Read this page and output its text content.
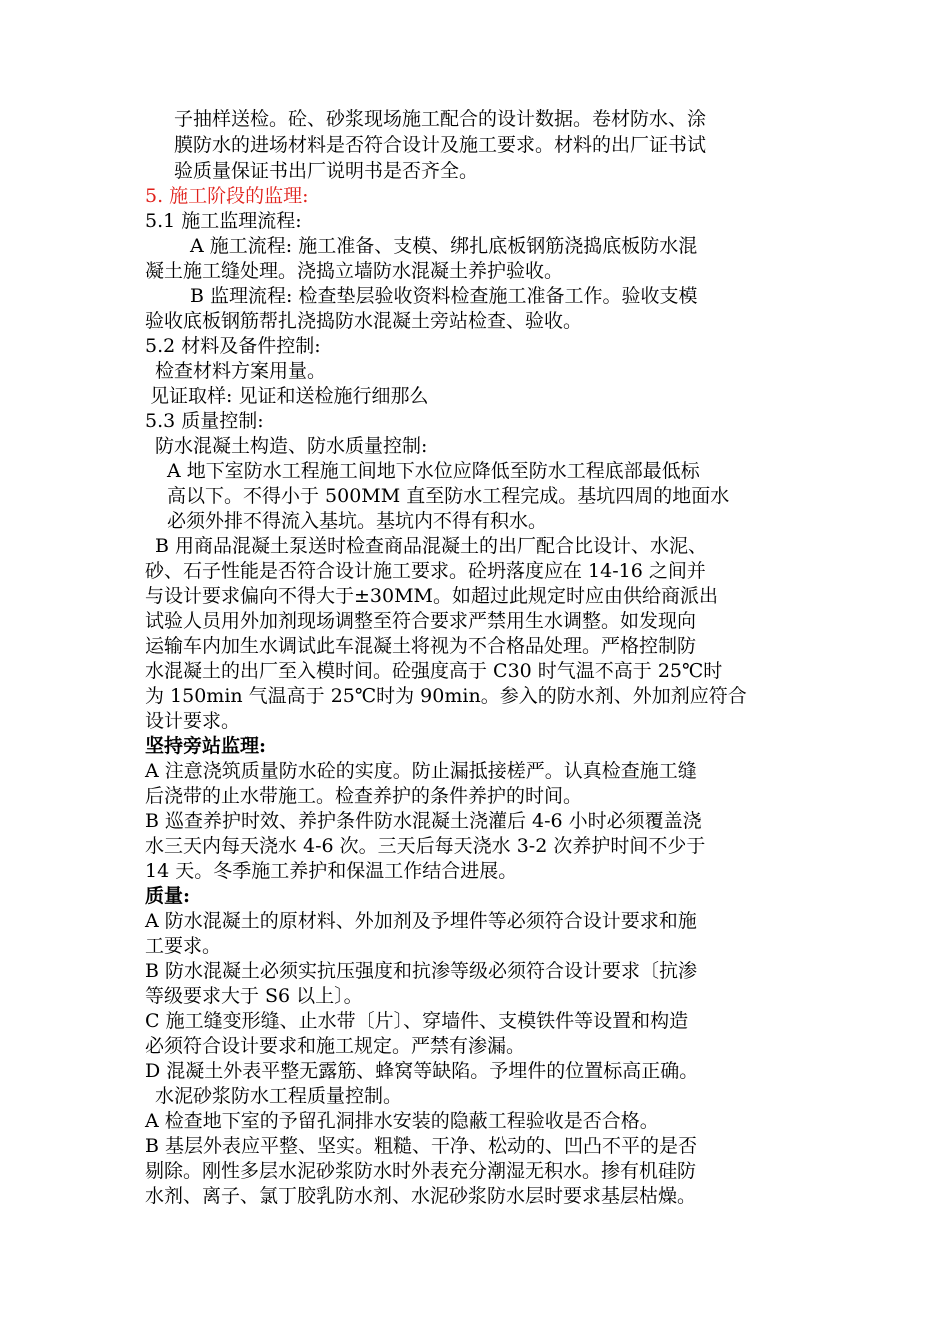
子抽样送检。砼、砂浆现场施工配合的设计数据。卷材防水、涂

膜防水的进场材料是否符合设计及施工要求。材料的出厂证书试

验质量保证书出厂说明书是否齐全。

5. 施工阶段的监理:

5.1 施工监理流程:

A 施工流程: 施工准备、支模、绑扎底板钢筋浇捣底板防水混

凝土施工缝处理。浇捣立墙防水混凝土养护验收。

B 监理流程: 检查垫层验收资料检查施工准备工作。验收支模

验收底板钢筋帮扎浇捣防水混凝土旁站检查、验收。

5.2 材料及备件控制:

检查材料方案用量。

见证取样: 见证和送检施行细那么

5.3 质量控制:

防水混凝土构造、防水质量控制:

A 地下室防水工程施工间地下水位应降低至防水工程底部最低标

高以下。不得小于 500MM 直至防水工程完成。基坑四周的地面水

必须外排不得流入基坑。基坑内不得有积水。

B 用商品混凝土泵送时检查商品混凝土的出厂配合比设计、水泥、

砂、石子性能是否符合设计施工要求。砼坍落度应在 14-16 之间并

与设计要求偏向不得大于±30MM。如超过此规定时应由供给商派出

试验人员用外加剂现场调整至符合要求严禁用生水调整。如发现向

运输车内加生水调试此车混凝土将视为不合格品处理。严格控制防

水混凝土的出厂至入模时间。砼强度高于 C30 时气温不高于 25℃时

为 150min 气温高于 25℃时为 90min。参入的防水剂、外加剂应符合

设计要求。

坚持旁站监理:

A 注意浇筑质量防水砼的实度。防止漏抵接槎严。认真检查施工缝

后浇带的止水带施工。检查养护的条件养护的时间。

B 巡查养护时效、养护条件防水混凝土浇灌后 4-6 小时必须覆盖浇

水三天内每天浇水 4-6 次。三天后每天浇水 3-2 次养护时间不少于

14 天。冬季施工养护和保温工作结合进展。

质量:

A 防水混凝土的原材料、外加剂及予埋件等必须符合设计要求和施

工要求。

B 防水混凝土必须实抗压强度和抗渗等级必须符合设计要求〔抗渗

等级要求大于 S6 以上〕。

C 施工缝变形缝、止水带〔片〕、穿墙件、支模铁件等设置和构造

必须符合设计要求和施工规定。严禁有渗漏。

D 混凝土外表平整无露筋、蜂窝等缺陷。予埋件的位置标高正确。

水泥砂浆防水工程质量控制。

A 检查地下室的予留孔洞排水安装的隐蔽工程验收是否合格。

B 基层外表应平整、坚实。粗糙、干净、松动的、凹凸不平的是否

剔除。刚性多层水泥砂浆防水时外表充分潮湿无积水。掺有机硅防

水剂、离子、氯丁胶乳防水剂、水泥砂浆防水层时要求基层枯燥。
